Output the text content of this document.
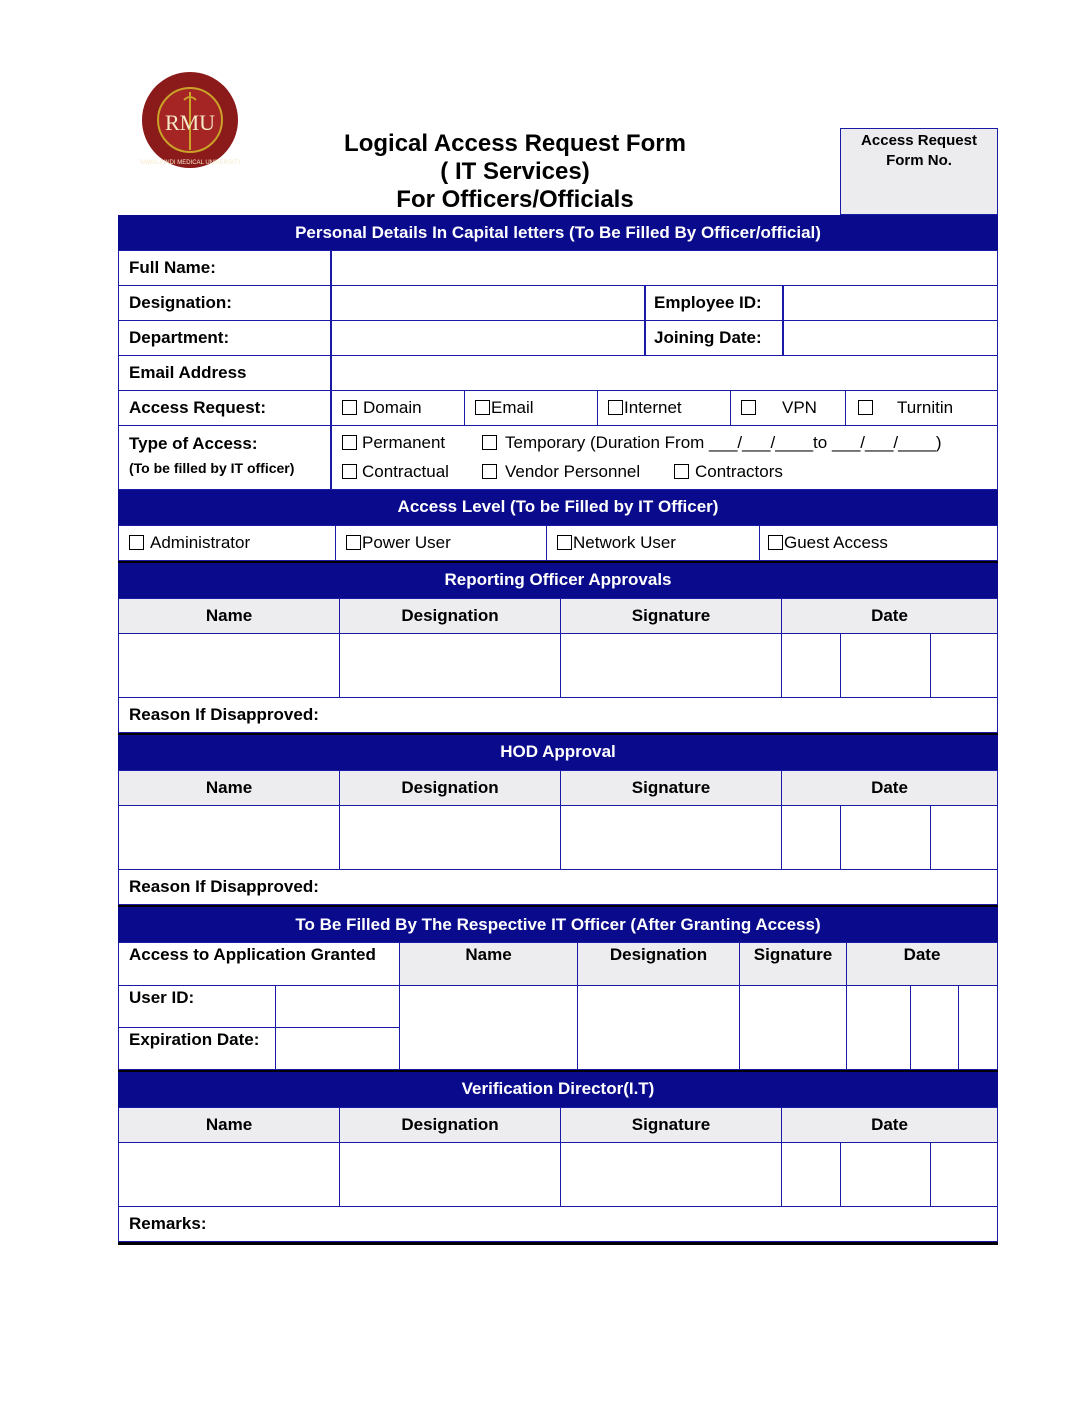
RMU
RAWALPINDI MEDICAL UNIVERSITY
Logical Access Request Form
( IT Services)
For Officers/Officials
Access Request
Form No.
Personal Details In Capital letters (To Be Filled By Officer/official)
Full Name:
Designation:	Employee ID:
Department:	Joining Date:
Email Address
Access Request:	Domain	Email	Internet	VPN	Turnitin
Type of Access:
(To be filled by IT officer)
Permanent	Temporary (Duration From ___/___/____to ___/___/____)
Contractual	Vendor Personnel	Contractors
Access Level (To be Filled by IT Officer)
Administrator	Power User	Network User	Guest Access
Reporting Officer Approvals
Name	Designation	Signature	Date
Reason If Disapproved:
HOD Approval
Name	Designation	Signature	Date
Reason If Disapproved:
To Be Filled By The Respective IT Officer (After Granting Access)
Access to Application Granted	Name	Designation	Signature	Date
User ID:
Expiration Date:
Verification Director(I.T)
Name	Designation	Signature	Date
Remarks:
